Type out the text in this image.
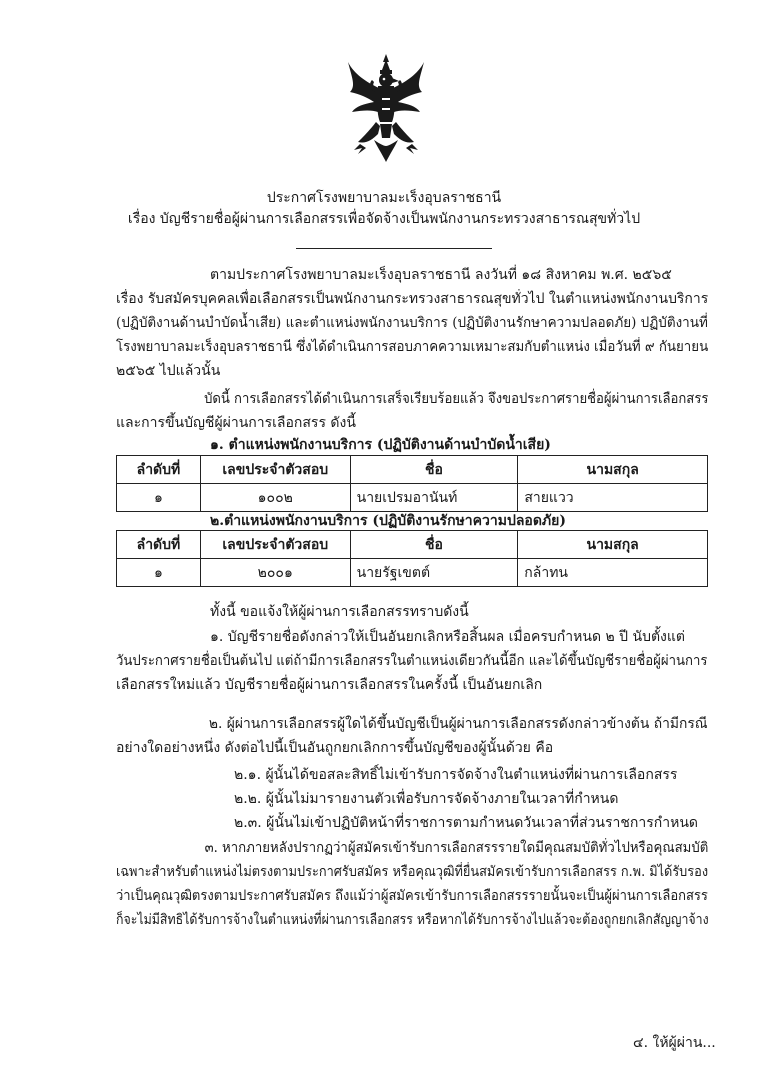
ประกาศโรงพยาบาลมะเร็งอุบลราชธานี
เรื่อง บัญชีรายชื่อผู้ผ่านการเลือกสรรเพื่อจัดจ้างเป็นพนักงานกระทรวงสาธารณสุขทั่วไป
ตามประกาศโรงพยาบาลมะเร็งอุบลราชธานี ลงวันที่ ๑๘ สิงหาคม พ.ศ. ๒๕๖๕
เรื่อง รับสมัครบุคคลเพื่อเลือกสรรเป็นพนักงานกระทรวงสาธารณสุขทั่วไป ในตำแหน่งพนักงานบริการ
(ปฏิบัติงานด้านบำบัดน้ำเสีย) และตำแหน่งพนักงานบริการ (ปฏิบัติงานรักษาความปลอดภัย) ปฏิบัติงานที่
โรงพยาบาลมะเร็งอุบลราชธานี ซึ่งได้ดำเนินการสอบภาคความเหมาะสมกับตำแหน่ง เมื่อวันที่ ๙ กันยายน
๒๕๖๕ ไปแล้วนั้น
บัดนี้ การเลือกสรรได้ดำเนินการเสร็จเรียบร้อยแล้ว จึงขอประกาศรายชื่อผู้ผ่านการเลือกสรร
และการขึ้นบัญชีผู้ผ่านการเลือกสรร ดังนี้
๑. ตำแหน่งพนักงานบริการ (ปฏิบัติงานด้านบำบัดน้ำเสีย)
ลำดับที่	เลขประจำตัวสอบ	ชื่อ	นามสกุล
๑	๑๐๐๒	นายเปรมอานันท์	สายแวว
๒.ตำแหน่งพนักงานบริการ (ปฏิบัติงานรักษาความปลอดภัย)
ลำดับที่	เลขประจำตัวสอบ	ชื่อ	นามสกุล
๑	๒๐๐๑	นายรัฐเขตต์	กล้าทน
ทั้งนี้ ขอแจ้งให้ผู้ผ่านการเลือกสรรทราบดังนี้
๑. บัญชีรายชื่อดังกล่าวให้เป็นอันยกเลิกหรือสิ้นผล เมื่อครบกำหนด ๒ ปี นับตั้งแต่
วันประกาศรายชื่อเป็นต้นไป แต่ถ้ามีการเลือกสรรในตำแหน่งเดียวกันนี้อีก และได้ขึ้นบัญชีรายชื่อผู้ผ่านการ
เลือกสรรใหม่แล้ว บัญชีรายชื่อผู้ผ่านการเลือกสรรในครั้งนี้ เป็นอันยกเลิก
๒. ผู้ผ่านการเลือกสรรผู้ใดได้ขึ้นบัญชีเป็นผู้ผ่านการเลือกสรรดังกล่าวข้างต้น ถ้ามีกรณี
อย่างใดอย่างหนึ่ง ดังต่อไปนี้เป็นอันถูกยกเลิกการขึ้นบัญชีของผู้นั้นด้วย คือ
๒.๑. ผู้นั้นได้ขอสละสิทธิ์ไม่เข้ารับการจัดจ้างในตำแหน่งที่ผ่านการเลือกสรร
๒.๒. ผู้นั้นไม่มารายงานตัวเพื่อรับการจัดจ้างภายในเวลาที่กำหนด
๒.๓. ผู้นั้นไม่เข้าปฏิบัติหน้าที่ราชการตามกำหนดวันเวลาที่ส่วนราชการกำหนด
๓. หากภายหลังปรากฏว่าผู้สมัครเข้ารับการเลือกสรรรายใดมีคุณสมบัติทั่วไปหรือคุณสมบัติ
เฉพาะสำหรับตำแหน่งไม่ตรงตามประกาศรับสมัคร หรือคุณวุฒิที่ยื่นสมัครเข้ารับการเลือกสรร ก.พ. มิได้รับรอง
ว่าเป็นคุณวุฒิตรงตามประกาศรับสมัคร ถึงแม้ว่าผู้สมัครเข้ารับการเลือกสรรรายนั้นจะเป็นผู้ผ่านการเลือกสรร
ก็จะไม่มีสิทธิได้รับการจ้างในตำแหน่งที่ผ่านการเลือกสรร หรือหากได้รับการจ้างไปแล้วจะต้องถูกยกเลิกสัญญาจ้าง
๔. ให้ผู้ผ่าน...
